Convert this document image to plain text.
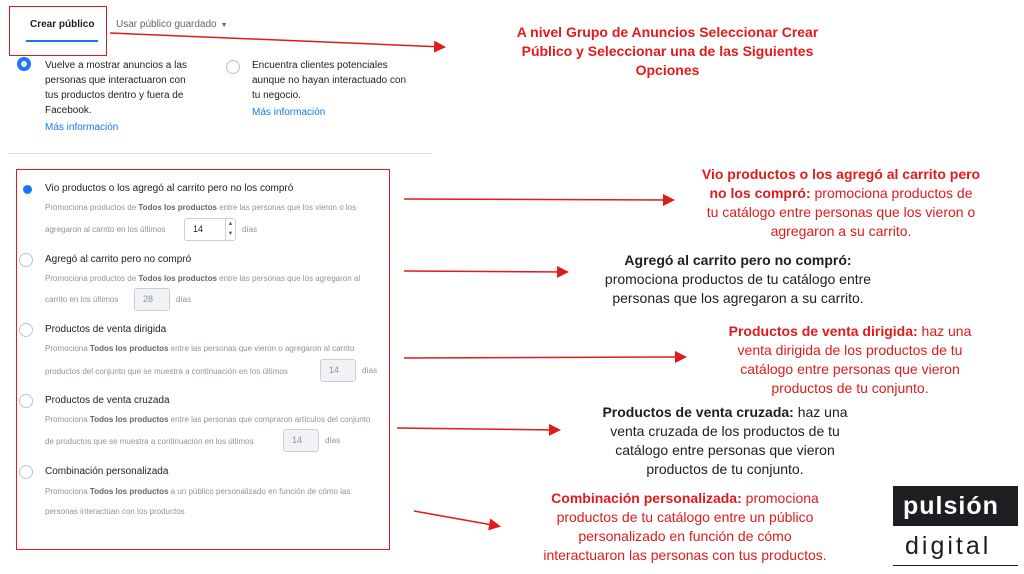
Crear público Usar público guardado ▼
Vuelve a mostrar anuncios a las
personas que interactuaron con
tus productos dentro y fuera de
Facebook.
Más información
Encuentra clientes potenciales
aunque no hayan interactuado con
tu negocio.
Más información
Vio productos o los agregó al carrito pero no los compró
Promociona productos de Todos los productos entre las personas que los vieron o los
agregaron al carrito en los últimos	14	▲
▼ días
Agregó al carrito pero no compró
Promociona productos de Todos los productos entre las personas que los agregaron al
carrito en los últimos	28	días
Productos de venta dirigida
Promociona Todos los productos entre las personas que vieron o agregaron al carrito
productos del conjunto que se muestra a continuación en los últimos	14	días
Productos de venta cruzada
Promociona Todos los productos entre las personas que compraron artículos del conjunto
de productos que se muestra a continuación en los últimos	14	días
Combinación personalizada
Promociona Todos los productos a un público personalizado en función de cómo las
personas interactúan con los productos
A nivel Grupo de Anuncios Seleccionar Crear
Público y Seleccionar una de las Siguientes
Opciones
Vio productos o los agregó al carrito pero
no los compró: promociona productos de
tu catálogo entre personas que los vieron o
agregaron a su carrito.
Agregó al carrito pero no compró:
promociona productos de tu catálogo entre
personas que los agregaron a su carrito.
Productos de venta dirigida: haz una
venta dirigida de los productos de tu
catálogo entre personas que vieron
productos de tu conjunto.
Productos de venta cruzada: haz una
venta cruzada de los productos de tu
catálogo entre personas que vieron
productos de tu conjunto.
Combinación personalizada: promociona
productos de tu catálogo entre un público
personalizado en función de cómo
interactuaron las personas con tus productos.
pulsión
digital
